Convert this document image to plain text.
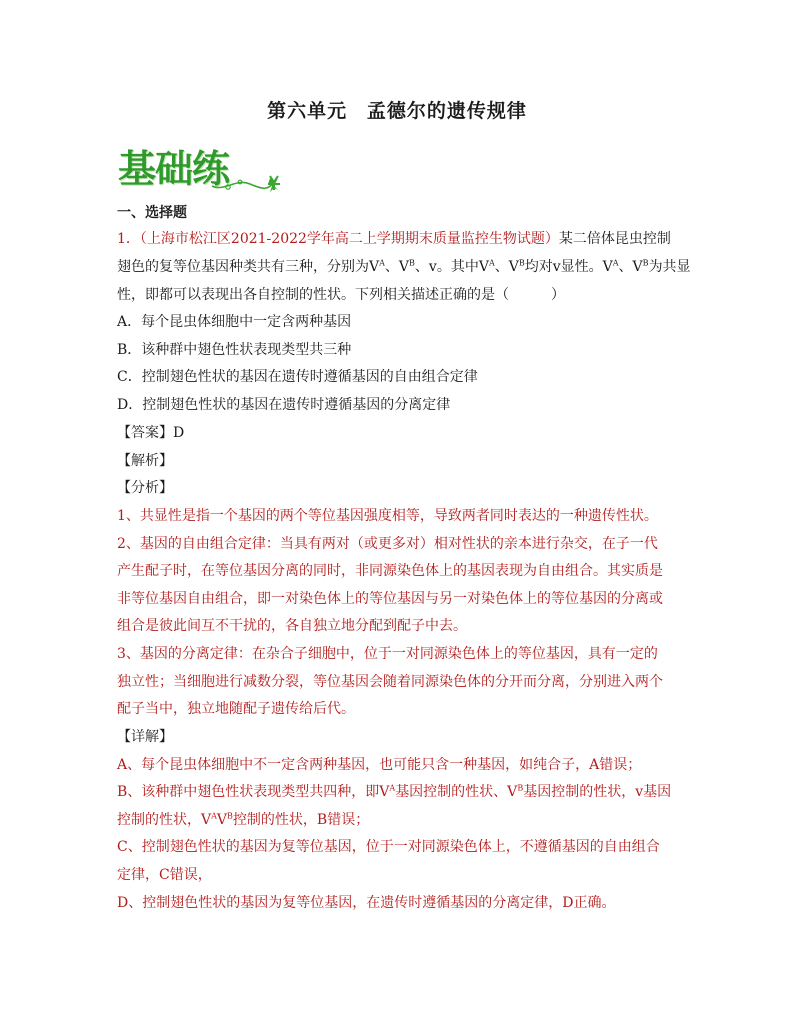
第六单元 孟德尔的遗传规律
基础练
一、选择题
1．（上海市松江区2021-2022学年高二上学期期末质量监控生物试题）某二倍体昆虫控制
翅色的复等位基因种类共有三种，分别为$V^A$、$V^B$、v。其中$V^A$、$V^B$均对v显性。$V^A$、$V^B$为共显
性，即都可以表现出各自控制的性状。下列相关描述正确的是（　　　）
A．每个昆虫体细胞中一定含两种基因
B．该种群中翅色性状表现类型共三种
C．控制翅色性状的基因在遗传时遵循基因的自由组合定律
D．控制翅色性状的基因在遗传时遵循基因的分离定律
【答案】D
【解析】
【分析】
1、共显性是指一个基因的两个等位基因强度相等，导致两者同时表达的一种遗传性状。
2、基因的自由组合定律：当具有两对（或更多对）相对性状的亲本进行杂交，在子一代
产生配子时，在等位基因分离的同时，非同源染色体上的基因表现为自由组合。其实质是
非等位基因自由组合，即一对染色体上的等位基因与另一对染色体上的等位基因的分离或
组合是彼此间互不干扰的，各自独立地分配到配子中去。
3、基因的分离定律：在杂合子细胞中，位于一对同源染色体上的等位基因，具有一定的
独立性；当细胞进行减数分裂，等位基因会随着同源染色体的分开而分离，分别进入两个
配子当中，独立地随配子遗传给后代。
【详解】
A、每个昆虫体细胞中不一定含两种基因，也可能只含一种基因，如纯合子，A错误；
B、该种群中翅色性状表现类型共四种，即$V^A$基因控制的性状、$V^B$基因控制的性状，v基因
控制的性状，$V^AV^B$控制的性状，B错误；
C、控制翅色性状的基因为复等位基因，位于一对同源染色体上，不遵循基因的自由组合
定律，C错误，
D、控制翅色性状的基因为复等位基因，在遗传时遵循基因的分离定律，D正确。
